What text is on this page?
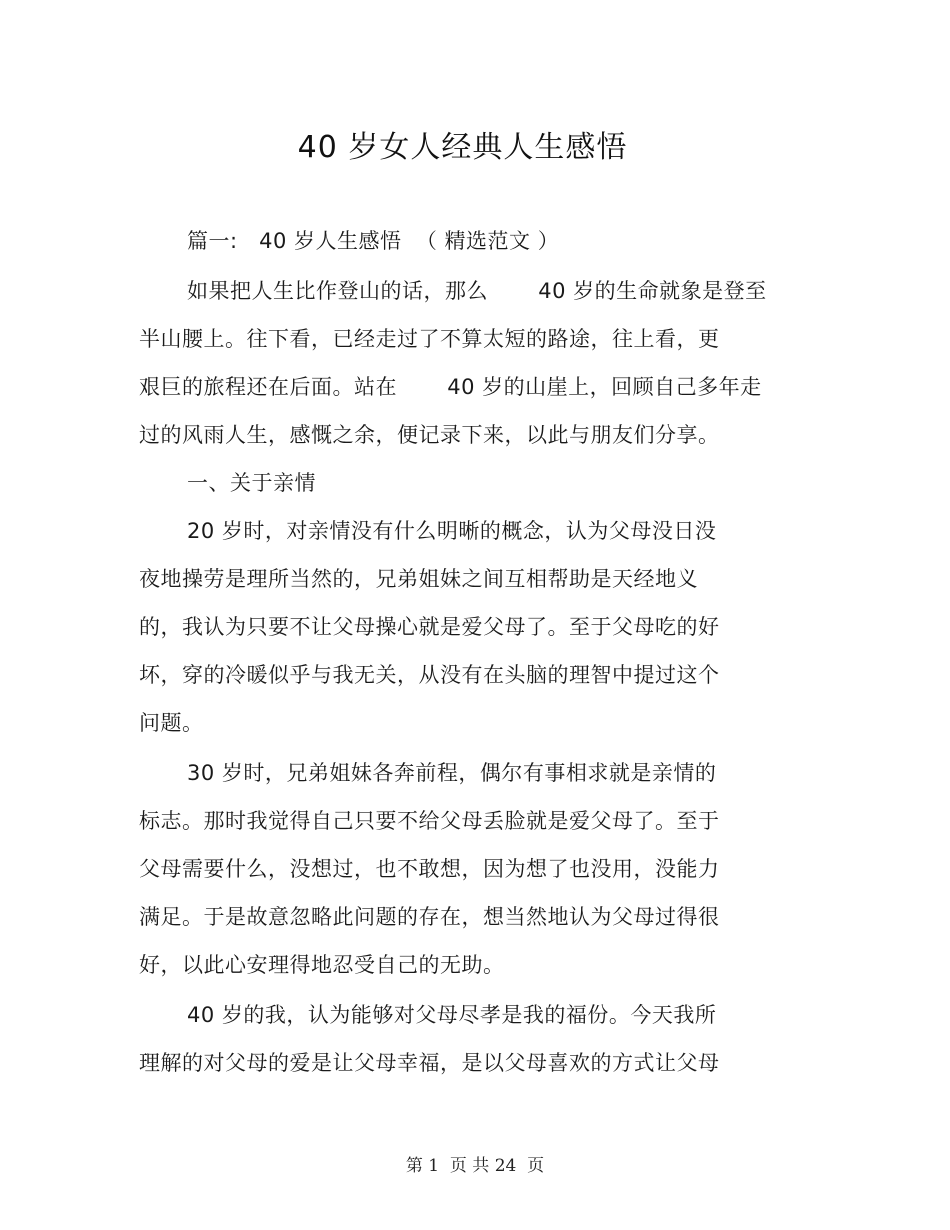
40 岁女人经典人生感悟
篇一:   40 岁人生感悟  （ 精选范文 ）
如果把人生比作登山的话，那么       40 岁的生命就象是登至
半山腰上。往下看，已经走过了不算太短的路途，往上看，更
艰巨的旅程还在后面。站在       40 岁的山崖上，回顾自己多年走
过的风雨人生，感慨之余，便记录下来，以此与朋友们分享。
一、关于亲情
20 岁时，对亲情没有什么明晰的概念，认为父母没日没
夜地操劳是理所当然的，兄弟姐妹之间互相帮助是天经地义
的，我认为只要不让父母操心就是爱父母了。至于父母吃的好
坏，穿的冷暖似乎与我无关，从没有在头脑的理智中提过这个
问题。
30 岁时，兄弟姐妹各奔前程，偶尔有事相求就是亲情的
标志。那时我觉得自己只要不给父母丢脸就是爱父母了。至于
父母需要什么，没想过，也不敢想，因为想了也没用，没能力
满足。于是故意忽略此问题的存在，想当然地认为父母过得很
好，以此心安理得地忍受自己的无助。
40 岁的我，认为能够对父母尽孝是我的福份。今天我所
理解的对父母的爱是让父母幸福，是以父母喜欢的方式让父母
第 1  页 共 24  页
